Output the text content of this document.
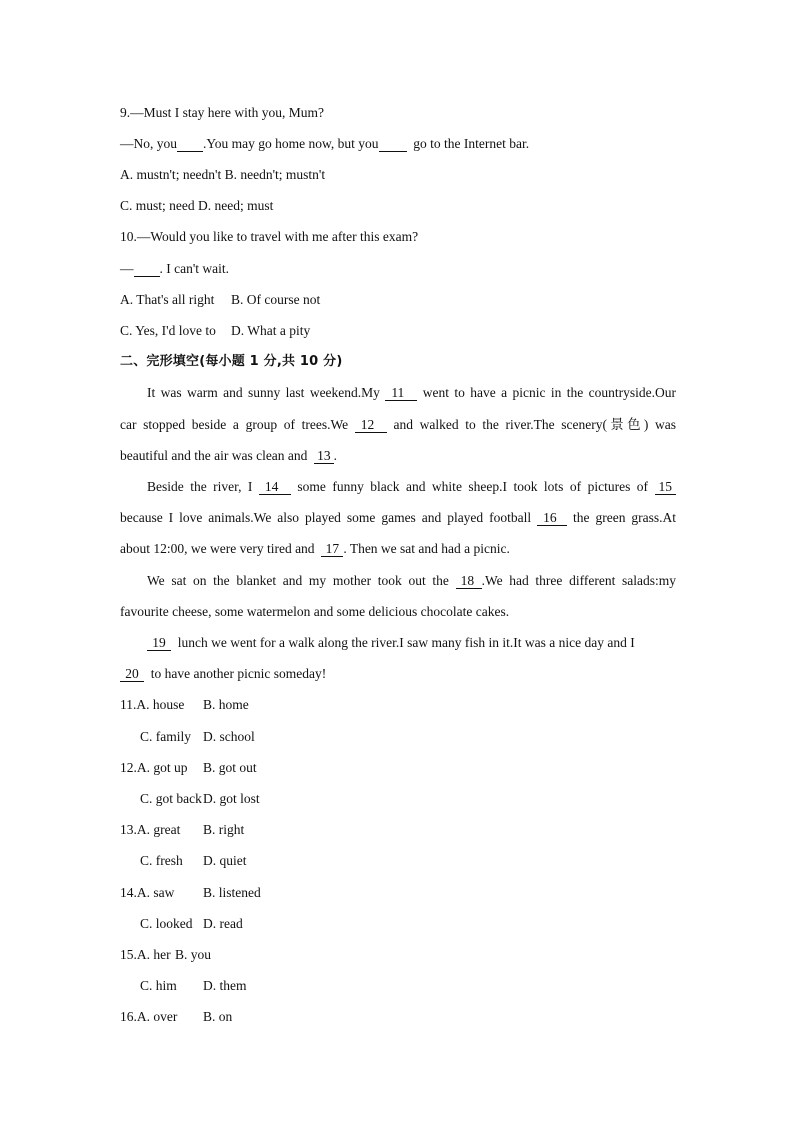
9.—Must I stay here with you, Mum?
—No, you .You may go home now, but you	go to the Internet bar.
A. mustn't; needn't B. needn't; mustn't
C. must; need D. need; must
10.—Would you like to travel with me after this exam?
— . I can't wait.
A. That's all right B. Of course not
C. Yes, I'd love to D. What a pity
二、完形填空(每小题 1 分,共 10 分)
It was warm and sunny last weekend.My 11 went to have a picnic in the countryside.Our
car stopped beside a group of trees.We 12 and walked to the river.The scenery(景色) was
beautiful and the air was clean and 13 .
Beside the river, I 14 some funny black and white sheep.I took lots of pictures of 15
because I love animals.We also played some games and played football 16 the green grass.At
about 12:00, we were very tired and 17 . Then we sat and had a picnic.
We sat on the blanket and my mother took out the 18 .We had three different salads:my
favourite cheese, some watermelon and some delicious chocolate cakes.
19 lunch we went for a walk along the river.I saw many fish in it.It was a nice day and I
20 to have another picnic someday!
11.A. house B. home
C. family D. school
12.A. got up B. got out
C. got backD. got lost
13.A. great B. right
C. fresh D. quiet
14.A. saw B. listened
C. looked D. read
15.A. her B. you
C. him D. them
16.A. over B. on
